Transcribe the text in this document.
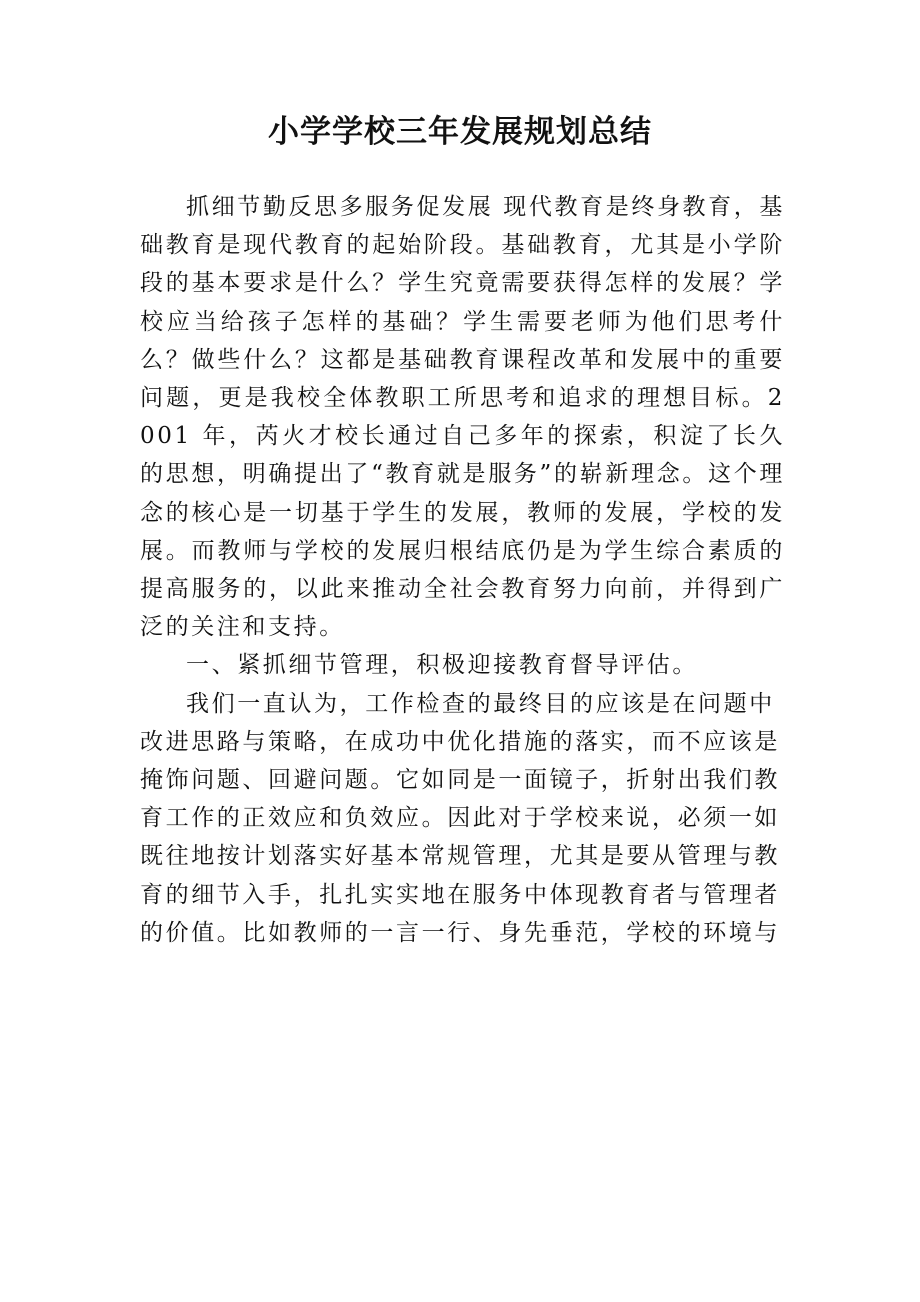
小学学校三年发展规划总结

抓细节勤反思多服务促发展 现代教育是终身教育，基础教育是现代教育的起始阶段。基础教育，尤其是小学阶段的基本要求是什么？学生究竟需要获得怎样的发展？学校应当给孩子怎样的基础？学生需要老师为他们思考什么？做些什么？这都是基础教育课程改革和发展中的重要问题，更是我校全体教职工所思考和追求的理想目标。2001 年，芮火才校长通过自己多年的探索，积淀了长久的思想，明确提出了“教育就是服务”的崭新理念。这个理念的核心是一切基于学生的发展，教师的发展，学校的发展。而教师与学校的发展归根结底仍是为学生综合素质的提高服务的，以此来推动全社会教育努力向前，并得到广泛的关注和支持。

一、紧抓细节管理，积极迎接教育督导评估。

我们一直认为，工作检查的最终目的应该是在问题中改进思路与策略，在成功中优化措施的落实，而不应该是掩饰问题、回避问题。它如同是一面镜子，折射出我们教育工作的正效应和负效应。因此对于学校来说，必须一如既往地按计划落实好基本常规管理，尤其是要从管理与教育的细节入手，扎扎实实地在服务中体现教育者与管理者的价值。比如教师的一言一行、身先垂范，学校的环境与
